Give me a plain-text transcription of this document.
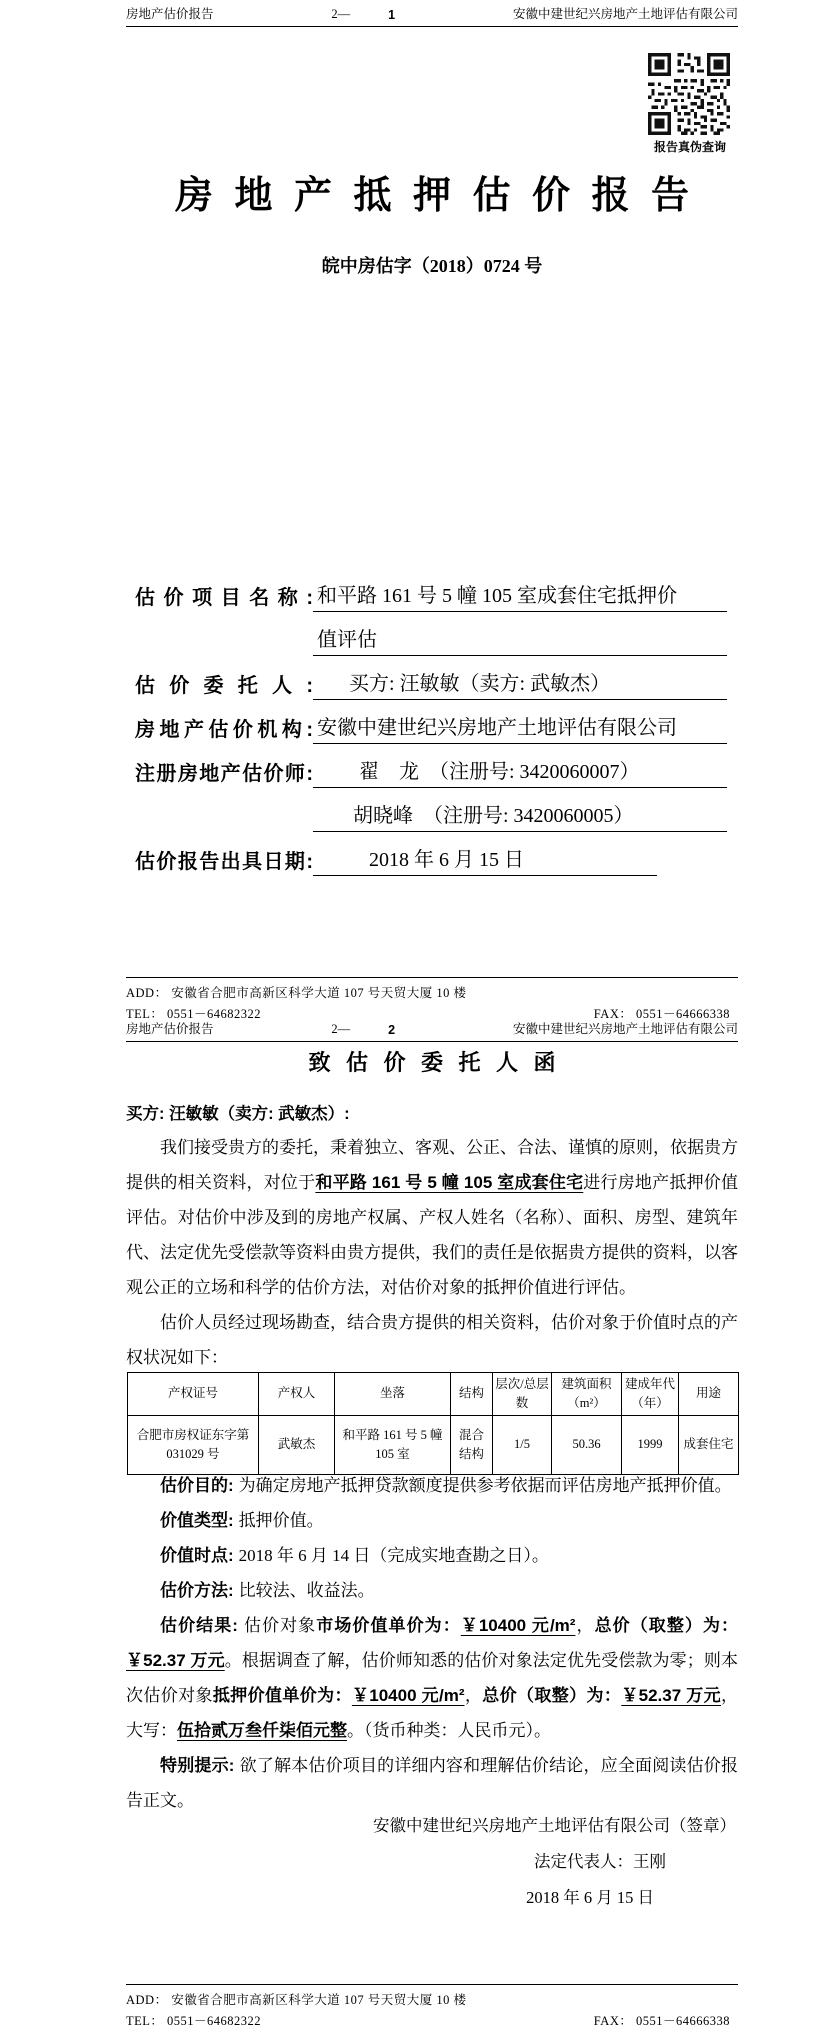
房地产估价报告	2—	1	安徽中建世纪兴房地产土地评估有限公司
报告真伪查询
房 地 产 抵 押 估 价 报 告
皖中房估字（2018）0724 号
估价项目名称: 和平路 161 号 5 幢 105 室成套住宅抵押价
值评估
估价委托人:	买方: 汪敏敏（卖方: 武敏杰）
房地产估价机构: 安徽中建世纪兴房地产土地评估有限公司
注册房地产估价师:	翟　龙　（注册号: 3420060007）
胡晓峰　（注册号: 3420060005）
估价报告出具日期:	2018 年 6 月 15 日
ADD： 安徽省合肥市高新区科学大道 107 号天贸大厦 10 楼
TEL： 0551－64682322	FAX： 0551－64666338
房地产估价报告	2—	2	安徽中建世纪兴房地产土地评估有限公司
致 估 价 委 托 人 函
买方: 汪敏敏（卖方: 武敏杰）:

我们接受贵方的委托，秉着独立、客观、公正、合法、谨慎的原则，依据贵方提供的相关资料，对位于和平路 161 号 5 幢 105 室成套住宅进行房地产抵押价值评估。对估价中涉及到的房地产权属、产权人姓名（名称）、面积、房型、建筑年代、法定优先受偿款等资料由贵方提供，我们的责任是依据贵方提供的资料，以客观公正的立场和科学的估价方法，对估价对象的抵押价值进行评估。

估价人员经过现场勘查，结合贵方提供的相关资料，估价对象于价值时点的产权状况如下：

产权证号	产权人	坐落	结构	层次/总层数	建筑面积（m²）	建成年代（年）	用途
合肥市房权证东字第031029 号	武敏杰	和平路 161 号 5 幢 105 室	混合结构	1/5	50.36	1999	成套住宅

估价目的: 为确定房地产抵押贷款额度提供参考依据而评估房地产抵押价值。

价值类型: 抵押价值。

价值时点: 2018 年 6 月 14 日（完成实地查勘之日）。

估价方法: 比较法、收益法。

估价结果: 估价对象市场价值单价为：￥10400 元/m²，总价（取整）为：￥52.37 万元。根据调查了解，估价师知悉的估价对象法定优先受偿款为零；则本次估价对象抵押价值单价为：￥10400 元/m²，总价（取整）为：￥52.37 万元，大写：伍拾贰万叁仟柒佰元整。（货币种类：人民币元）。

特别提示: 欲了解本估价项目的详细内容和理解估价结论，应全面阅读估价报告正文。

安徽中建世纪兴房地产土地评估有限公司（签章）
法定代表人：王刚
2018 年 6 月 15 日
ADD： 安徽省合肥市高新区科学大道 107 号天贸大厦 10 楼
TEL： 0551－64682322	FAX： 0551－64666338
